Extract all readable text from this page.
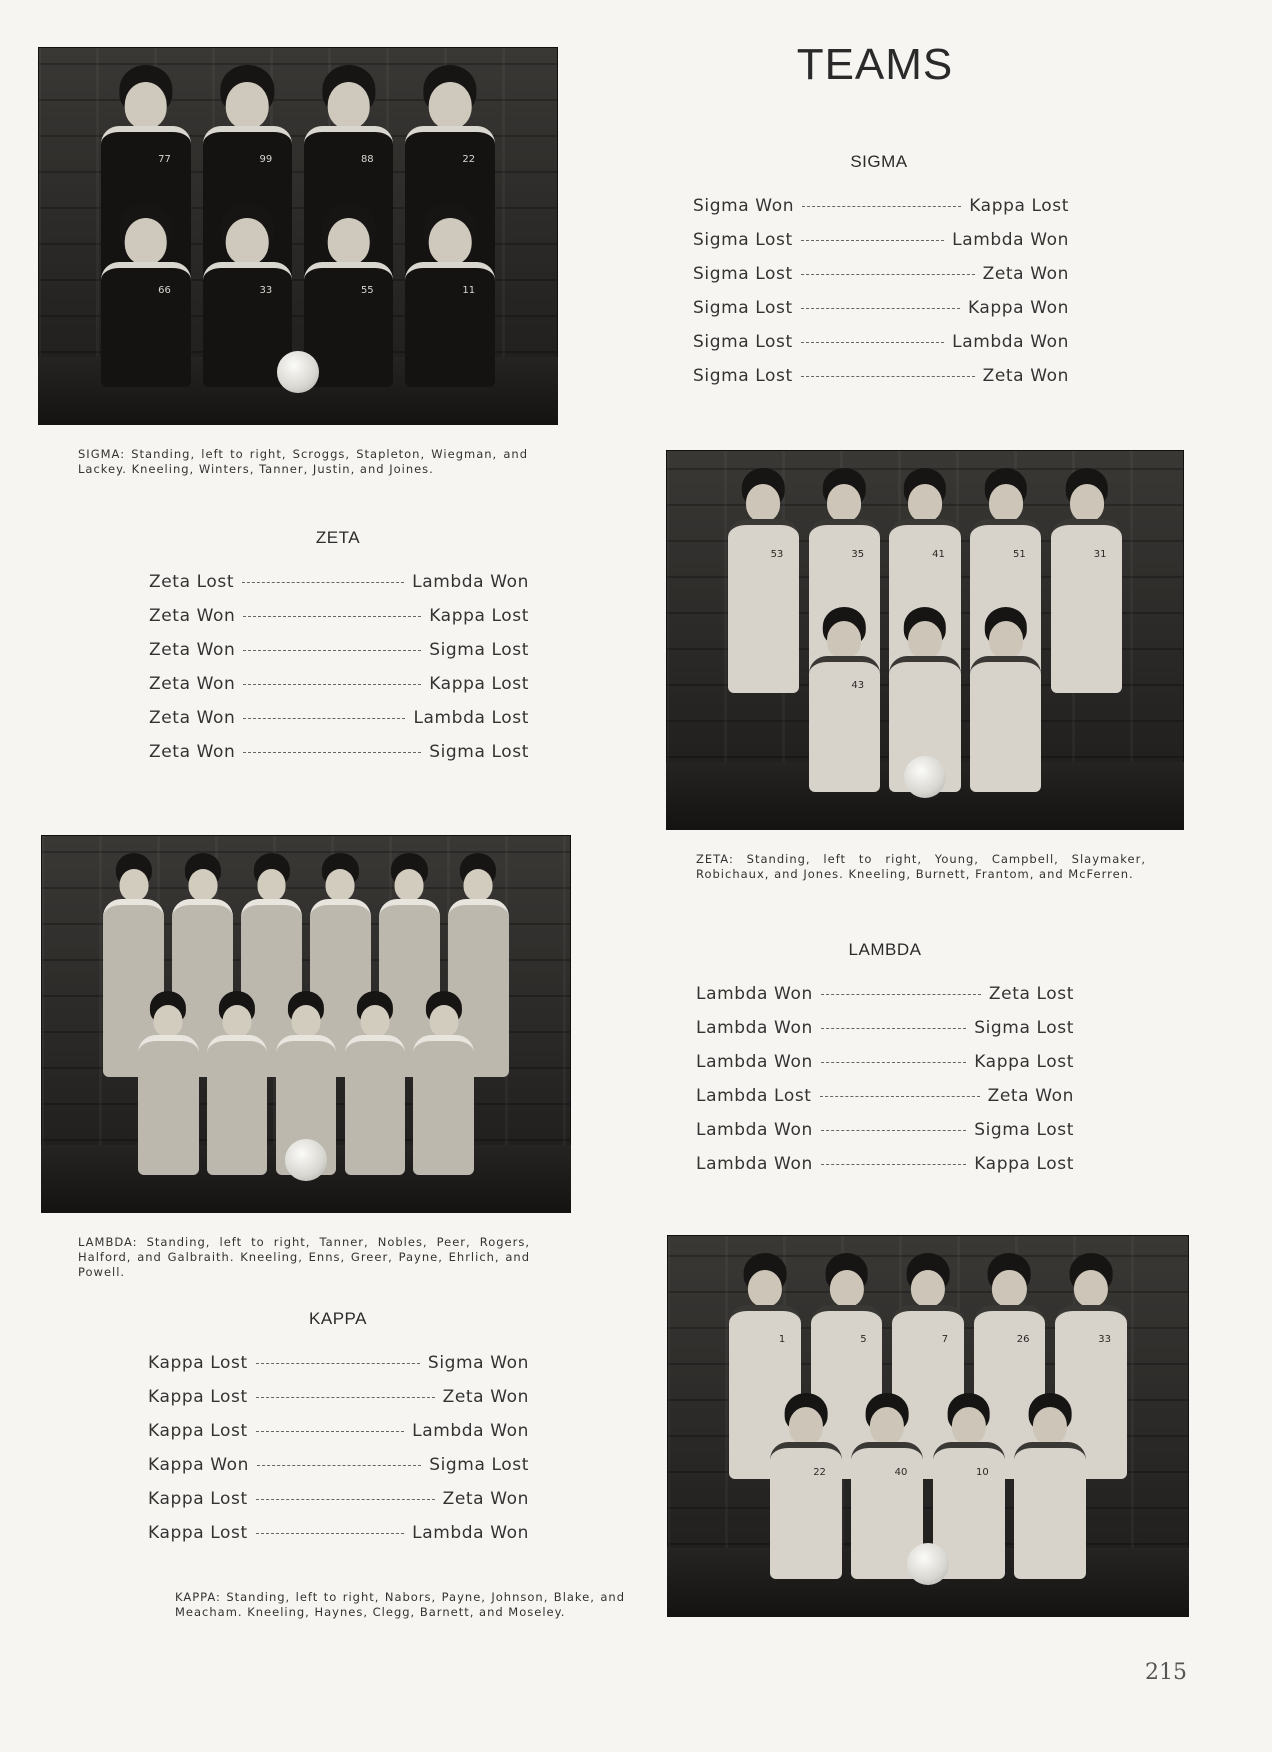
TEAMS
77	99	88	22
66	33	55	11
SIGMA
Sigma Won	Kappa Lost
Sigma Lost	Lambda Won
Sigma Lost	Zeta Won
Sigma Lost	Kappa Won
Sigma Lost	Lambda Won
Sigma Lost	Zeta Won

SIGMA: Standing, left to right, Scroggs, Stapleton, Wiegman, and Lackey. Kneeling, Winters, Tanner, Justin, and Joines.

ZETA
Zeta Lost	Lambda Won
Zeta Won	Kappa Lost
Zeta Won	Sigma Lost
Zeta Won	Kappa Lost
Zeta Won	Lambda Lost
Zeta Won	Sigma Lost
53	35	41	51	31
43

ZETA: Standing, left to right, Young, Campbell, Slaymaker, Robichaux, and Jones. Kneeling, Burnett, Frantom, and McFerren.

LAMBDA
Lambda Won	Zeta Lost
Lambda Won	Sigma Lost
Lambda Won	Kappa Lost
Lambda Lost	Zeta Won
Lambda Won	Sigma Lost
Lambda Won	Kappa Lost

LAMBDA: Standing, left to right, Tanner, Nobles, Peer, Rogers, Halford, and Galbraith. Kneeling, Enns, Greer, Payne, Ehrlich, and Powell.

KAPPA
Kappa Lost	Sigma Won
Kappa Lost	Zeta Won
Kappa Lost	Lambda Won
Kappa Won	Sigma Lost
Kappa Lost	Zeta Won
Kappa Lost	Lambda Won
1	5	7	26	33
22	40	10

KAPPA: Standing, left to right, Nabors, Payne, Johnson, Blake, and Meacham. Kneeling, Haynes, Clegg, Barnett, and Moseley.

215
